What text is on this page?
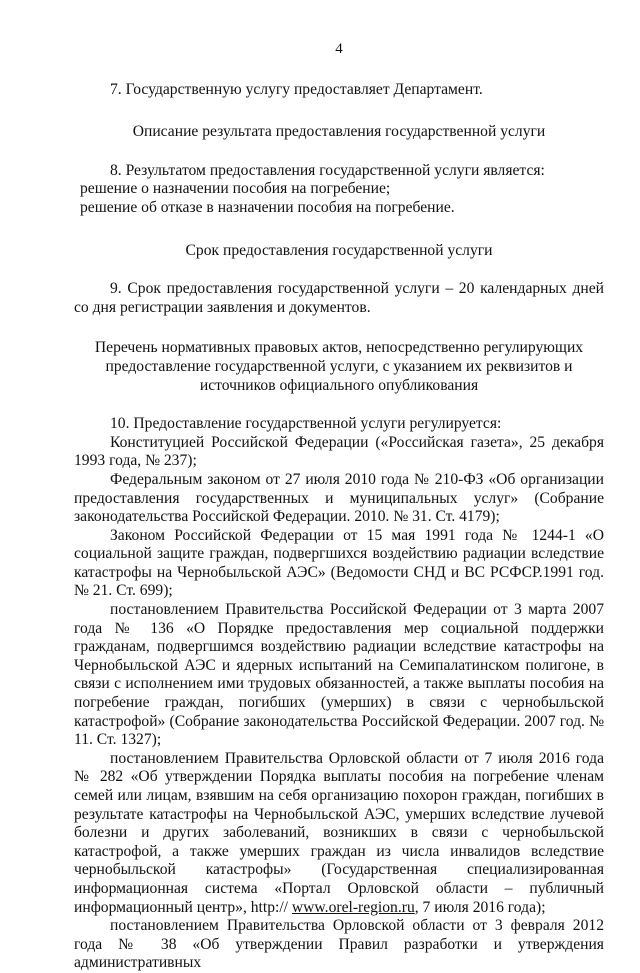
4

7. Государственную услугу предоставляет Департамент.

Описание результата предоставления государственной услуги

8. Результатом предоставления государственной услуги является:

решение о назначении пособия на погребение;

решение об отказе в назначении пособия на погребение.

Срок предоставления государственной услуги

9. Срок предоставления государственной услуги – 20 календарных дней со дня регистрации заявления и документов.

Перечень нормативных правовых актов, непосредственно регулирующих
предоставление государственной услуги, с указанием их реквизитов и
источников официального опубликования

10. Предоставление государственной услуги регулируется:

Конституцией Российской Федерации («Российская газета», 25 декабря 1993 года, № 237);

Федеральным законом от 27 июля 2010 года № 210-ФЗ «Об организации предоставления государственных и муниципальных услуг» (Собрание законодательства Российской Федерации. 2010. № 31. Ст. 4179);

Законом Российской Федерации от 15 мая 1991 года № 1244-1 «О социальной защите граждан, подвергшихся воздействию радиации вследствие катастрофы на Чернобыльской АЭС» (Ведомости СНД и ВС РСФСР.1991 год. № 21. Ст. 699);

постановлением Правительства Российской Федерации от 3 марта 2007 года № 136 «О Порядке предоставления мер социальной поддержки гражданам, подвергшимся воздействию радиации вследствие катастрофы на Чернобыльской АЭС и ядерных испытаний на Семипалатинском полигоне, в связи с исполнением ими трудовых обязанностей, а также выплаты пособия на погребение граждан, погибших (умерших) в связи с чернобыльской катастрофой» (Собрание законодательства Российской Федерации. 2007 год. № 11. Ст. 1327);

постановлением Правительства Орловской области от 7 июля 2016 года № 282 «Об утверждении Порядка выплаты пособия на погребение членам семей или лицам, взявшим на себя организацию похорон граждан, погибших в результате катастрофы на Чернобыльской АЭС, умерших вследствие лучевой болезни и других заболеваний, возникших в связи с чернобыльской катастрофой, а также умерших граждан из числа инвалидов вследствие чернобыльской катастрофы» (Государственная специализированная информационная система «Портал Орловской области – публичный информационный центр», http:// www.orel-region.ru, 7 июля 2016 года);

постановлением Правительства Орловской области от 3 февраля 2012 года № 38 «Об утверждении Правил разработки и утверждения административных
